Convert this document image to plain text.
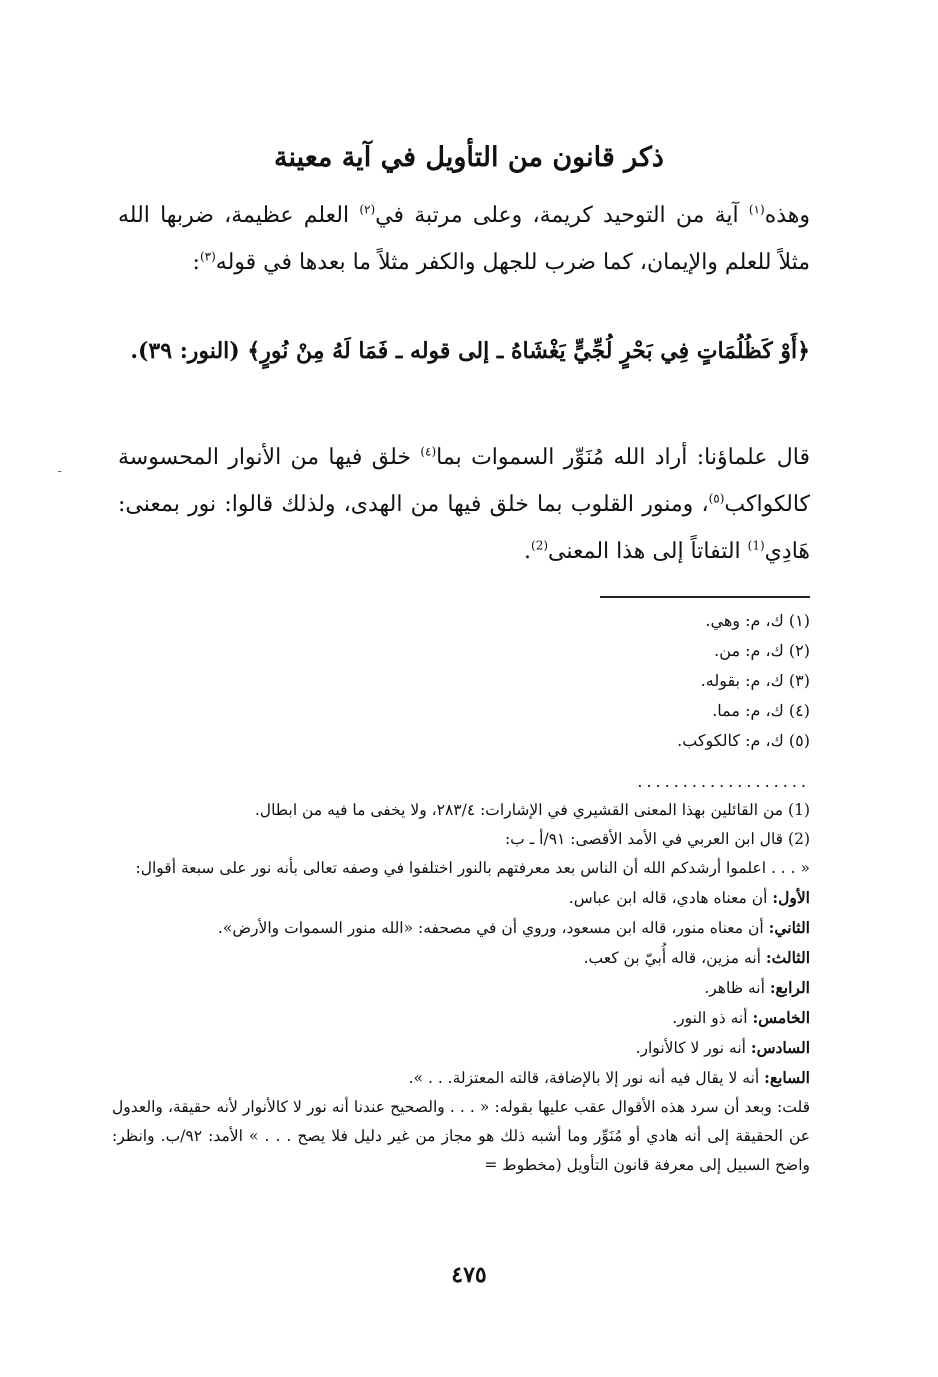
ذكر قانون من التأويل في آية معينة

وهذه$^{(١)}$ آية من التوحيد كريمة، وعلى مرتبة في$^{(٢)}$ العلم عظيمة، ضربها الله مثلاً للعلم والإيمان، كما ضرب للجهل والكفر مثلاً ما بعدها في قوله$^{(٣)}$:

﴿أَوْ كَظُلُمَاتٍ فِي بَحْرٍ لُجِّيٍّ يَغْشَاهُ ـ إلى قوله ـ فَمَا لَهُ مِنْ نُورٍ﴾ (النور: ٣٩).

قال علماؤنا: أراد الله مُنَوِّر السموات بما$^{(٤)}$ خلق فيها من الأنوار المحسوسة كالكواكب$^{(٥)}$، ومنور القلوب بما خلق فيها من الهدى، ولذلك قالوا: نور بمعنى: هَادِي$^{(1)}$ التفاتاً إلى هذا المعنى$^{(2)}$.

ـ
(١) ك، م: وهي.
(٢) ك، م: من.
(٣) ك، م: بقوله.
(٤) ك، م: مما.
(٥) ك، م: كالكوكب.
...................
(1) من القائلين بهذا المعنى القشيري في الإشارات: ٢٨٣/٤، ولا يخفى ما فيه من ابطال.
(2) قال ابن العربي في الأمد الأقصى: ٩١/أ ـ ب:
« . . . اعلموا أرشدكم الله أن الناس بعد معرفتهم بالنور اختلفوا في وصفه تعالى بأنه نور على سبعة أقوال:
الأول: أن معناه هادي، قاله ابن عباس.
الثاني: أن معناه منور، قاله ابن مسعود، وروي أن في مصحفه: «الله منور السموات والأرض».
الثالث: أنه مزين، قاله أُبيّ بن كعب.
الرابع: أنه ظاهر.
الخامس: أنه ذو النور.
السادس: أنه نور لا كالأنوار.
السابع: أنه لا يقال فيه أنه نور إلا بالإضافة، قالته المعتزلة. . . ».
قلت: وبعد أن سرد هذه الأقوال عقب عليها بقوله: « . . . والصحيح عندنا أنه نور لا كالأنوار لأنه حقيقة، والعدول عن الحقيقة إلى أنه هادي أو مُنَوِّر وما أشبه ذلك هو مجاز من غير دليل فلا يصح . . . » الأمد: ٩٢/ب. وانظر: واضح السبيل إلى معرفة قانون التأويل (مخطوط =
٤٧٥
